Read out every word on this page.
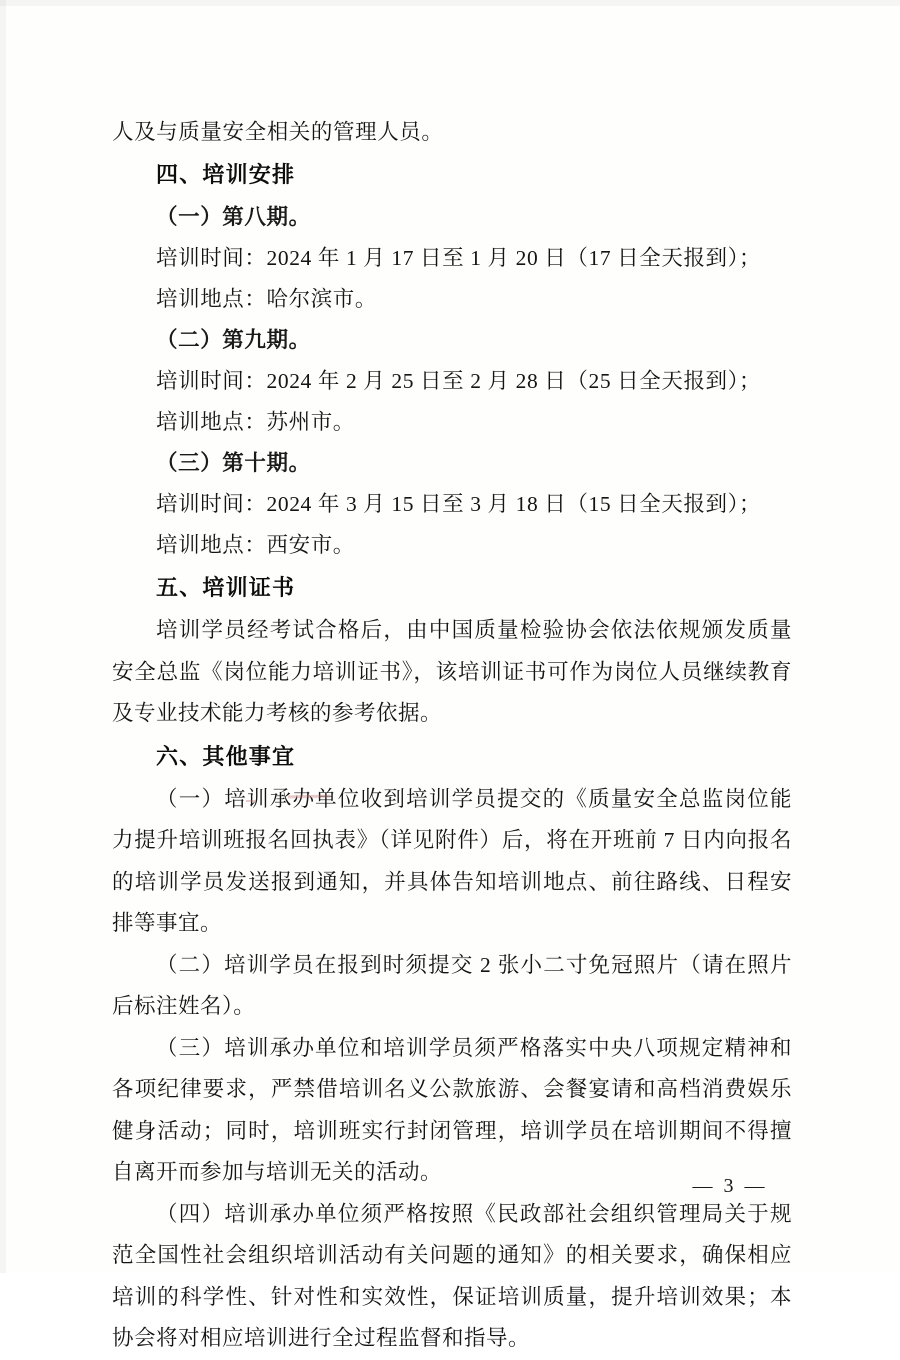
人及与质量安全相关的管理人员。
四、培训安排
（一）第八期。
培训时间：2024 年 1 月 17 日至 1 月 20 日（17 日全天报到）；
培训地点：哈尔滨市。
（二）第九期。
培训时间：2024 年 2 月 25 日至 2 月 28 日（25 日全天报到）；
培训地点：苏州市。
（三）第十期。
培训时间：2024 年 3 月 15 日至 3 月 18 日（15 日全天报到）；
培训地点：西安市。
五、培训证书
培训学员经考试合格后，由中国质量检验协会依法依规颁发质量安全总监《岗位能力培训证书》，该培训证书可作为岗位人员继续教育及专业技术能力考核的参考依据。
六、其他事宜
（一）培训承办单位收到培训学员提交的《质量安全总监岗位能力提升培训班报名回执表》（详见附件）后，将在开班前 7 日内向报名的培训学员发送报到通知，并具体告知培训地点、前往路线、日程安排等事宜。
（二）培训学员在报到时须提交 2 张小二寸免冠照片（请在照片后标注姓名）。
（三）培训承办单位和培训学员须严格落实中央八项规定精神和各项纪律要求，严禁借培训名义公款旅游、会餐宴请和高档消费娱乐健身活动；同时，培训班实行封闭管理，培训学员在培训期间不得擅自离开而参加与培训无关的活动。
（四）培训承办单位须严格按照《民政部社会组织管理局关于规范全国性社会组织培训活动有关问题的通知》的相关要求，确保相应培训的科学性、针对性和实效性，保证培训质量，提升培训效果；本协会将对相应培训进行全过程监督和指导。
— 3 —
